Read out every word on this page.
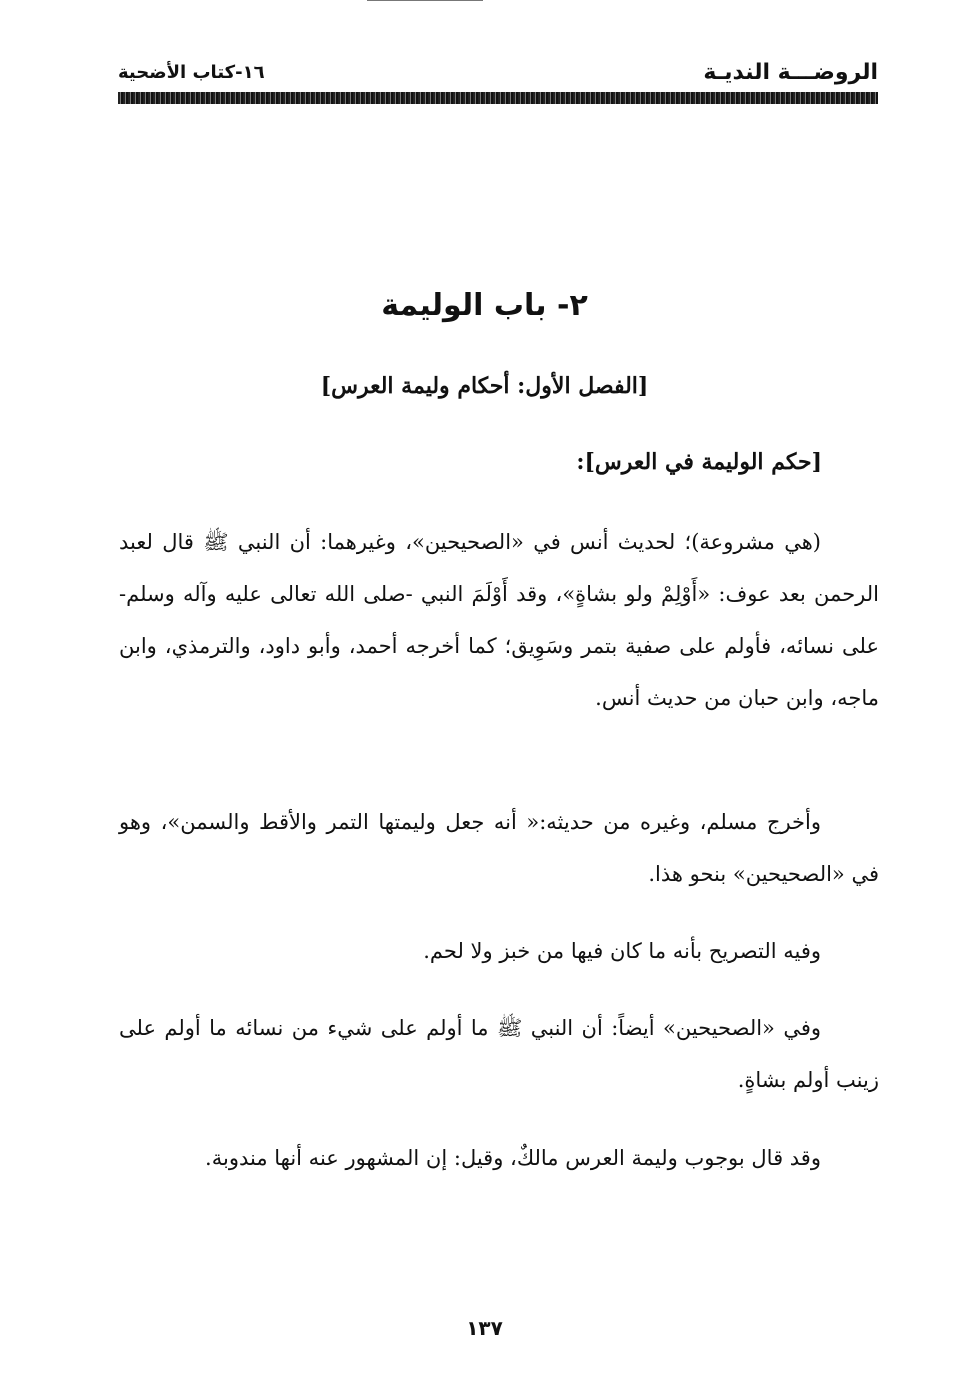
الروضـــة النديـة
١٦-كتاب الأضحية
٢- باب الوليمة
[الفصل الأول: أحكام وليمة العرس]
[حكم الوليمة في العرس]:

(هي مشروعة)؛ لحديث أنس في «الصحيحين»، وغيرهما: أن النبي ﷺ قال لعبد الرحمن بعد عوف: «أَوْلِمْ ولو بشاةٍ»، وقد أَوْلَمَ النبي -صلى الله تعالى عليه وآله وسلم- على نسائه، فأولم على صفية بتمر وسَوِيق؛ كما أخرجه أحمد، وأبو داود، والترمذي، وابن ماجه، وابن حبان من حديث أنس.

وأخرج مسلم، وغيره من حديثه:« أنه جعل وليمتها التمر والأقط والسمن»، وهو في «الصحيحين» بنحو هذا.

وفيه التصريح بأنه ما كان فيها من خبز ولا لحم.

وفي «الصحيحين» أيضاً: أن النبي ﷺ ما أولم على شيء من نسائه ما أولم على زينب أولم بشاةٍ.

وقد قال بوجوب وليمة العرس مالكٌ، وقيل: إن المشهور عنه أنها مندوبة.

١٣٧
